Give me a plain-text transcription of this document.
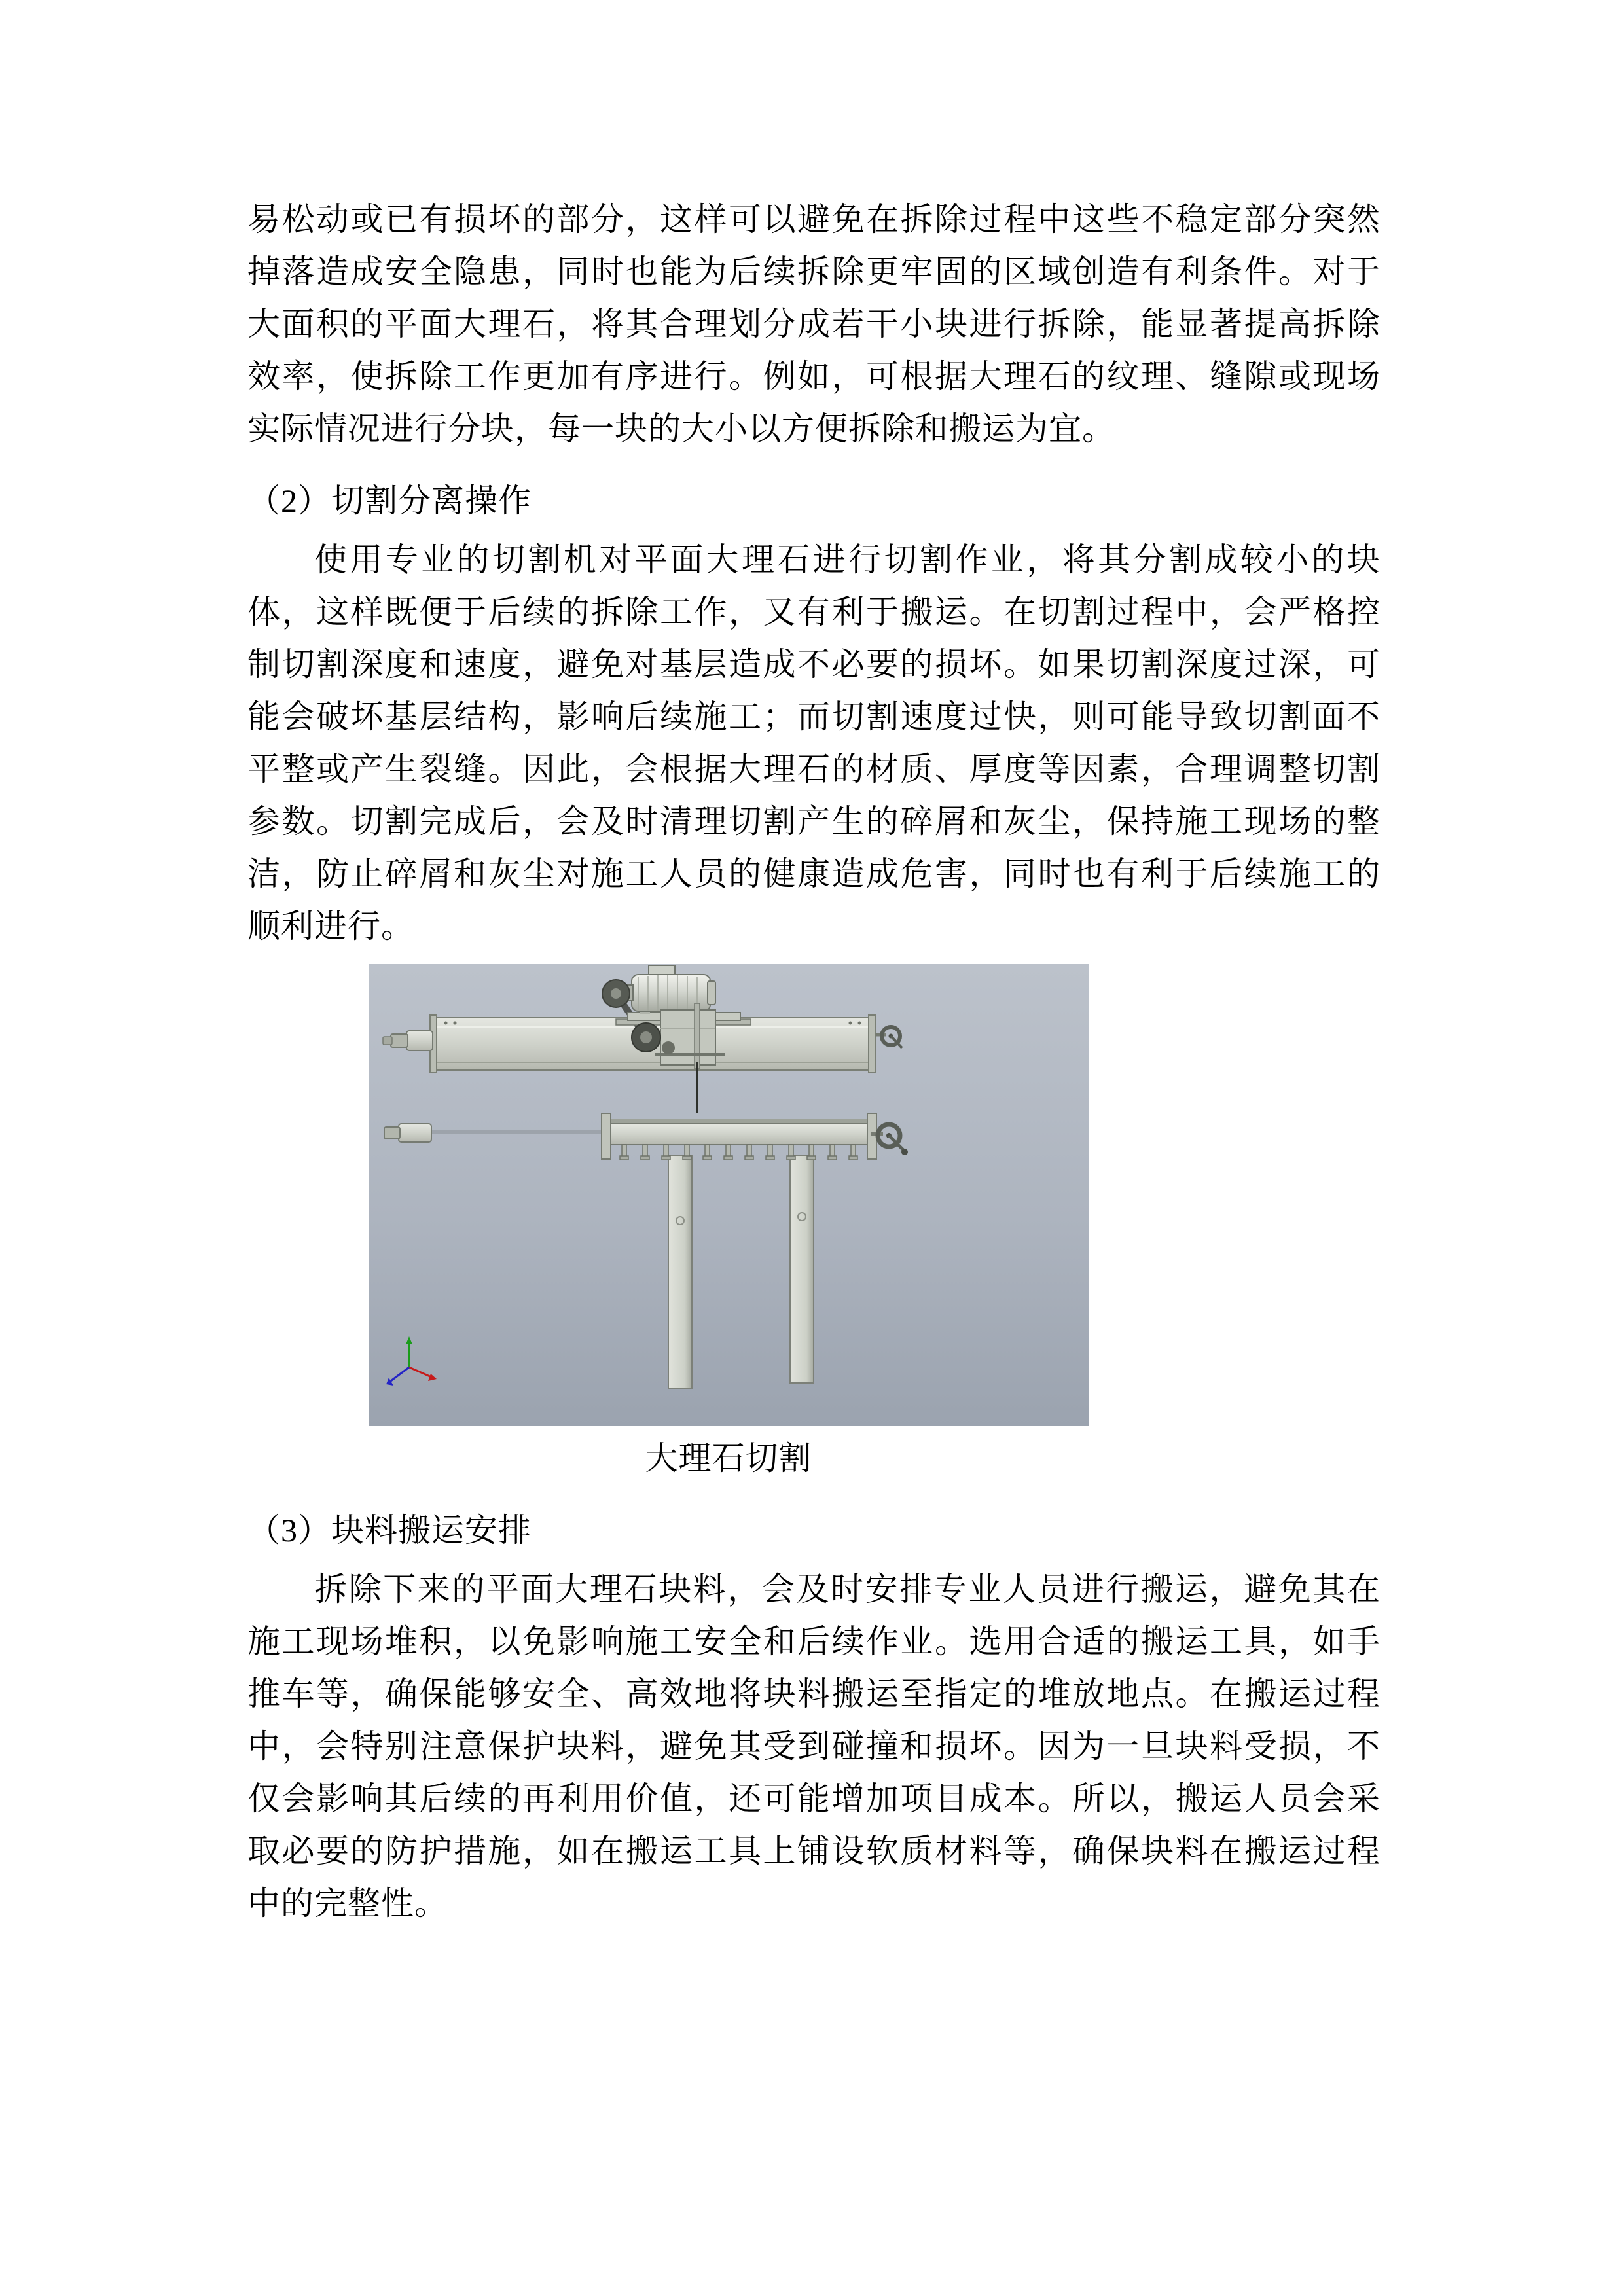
易松动或已有损坏的部分，这样可以避免在拆除过程中这些不稳定部分突然掉落造成安全隐患，同时也能为后续拆除更牢固的区域创造有利条件。对于大面积的平面大理石，将其合理划分成若干小块进行拆除，能显著提高拆除效率，使拆除工作更加有序进行。例如，可根据大理石的纹理、缝隙或现场实际情况进行分块，每一块的大小以方便拆除和搬运为宜。

（2）切割分离操作

使用专业的切割机对平面大理石进行切割作业，将其分割成较小的块体，这样既便于后续的拆除工作，又有利于搬运。在切割过程中，会严格控制切割深度和速度，避免对基层造成不必要的损坏。如果切割深度过深，可能会破坏基层结构，影响后续施工；而切割速度过快，则可能导致切割面不平整或产生裂缝。因此，会根据大理石的材质、厚度等因素，合理调整切割参数。切割完成后，会及时清理切割产生的碎屑和灰尘，保持施工现场的整洁，防止碎屑和灰尘对施工人员的健康造成危害，同时也有利于后续施工的顺利进行。

大理石切割

（3）块料搬运安排

拆除下来的平面大理石块料，会及时安排专业人员进行搬运，避免其在施工现场堆积，以免影响施工安全和后续作业。选用合适的搬运工具，如手推车等，确保能够安全、高效地将块料搬运至指定的堆放地点。在搬运过程中，会特别注意保护块料，避免其受到碰撞和损坏。因为一旦块料受损，不仅会影响其后续的再利用价值，还可能增加项目成本。所以，搬运人员会采取必要的防护措施，如在搬运工具上铺设软质材料等，确保块料在搬运过程中的完整性。
